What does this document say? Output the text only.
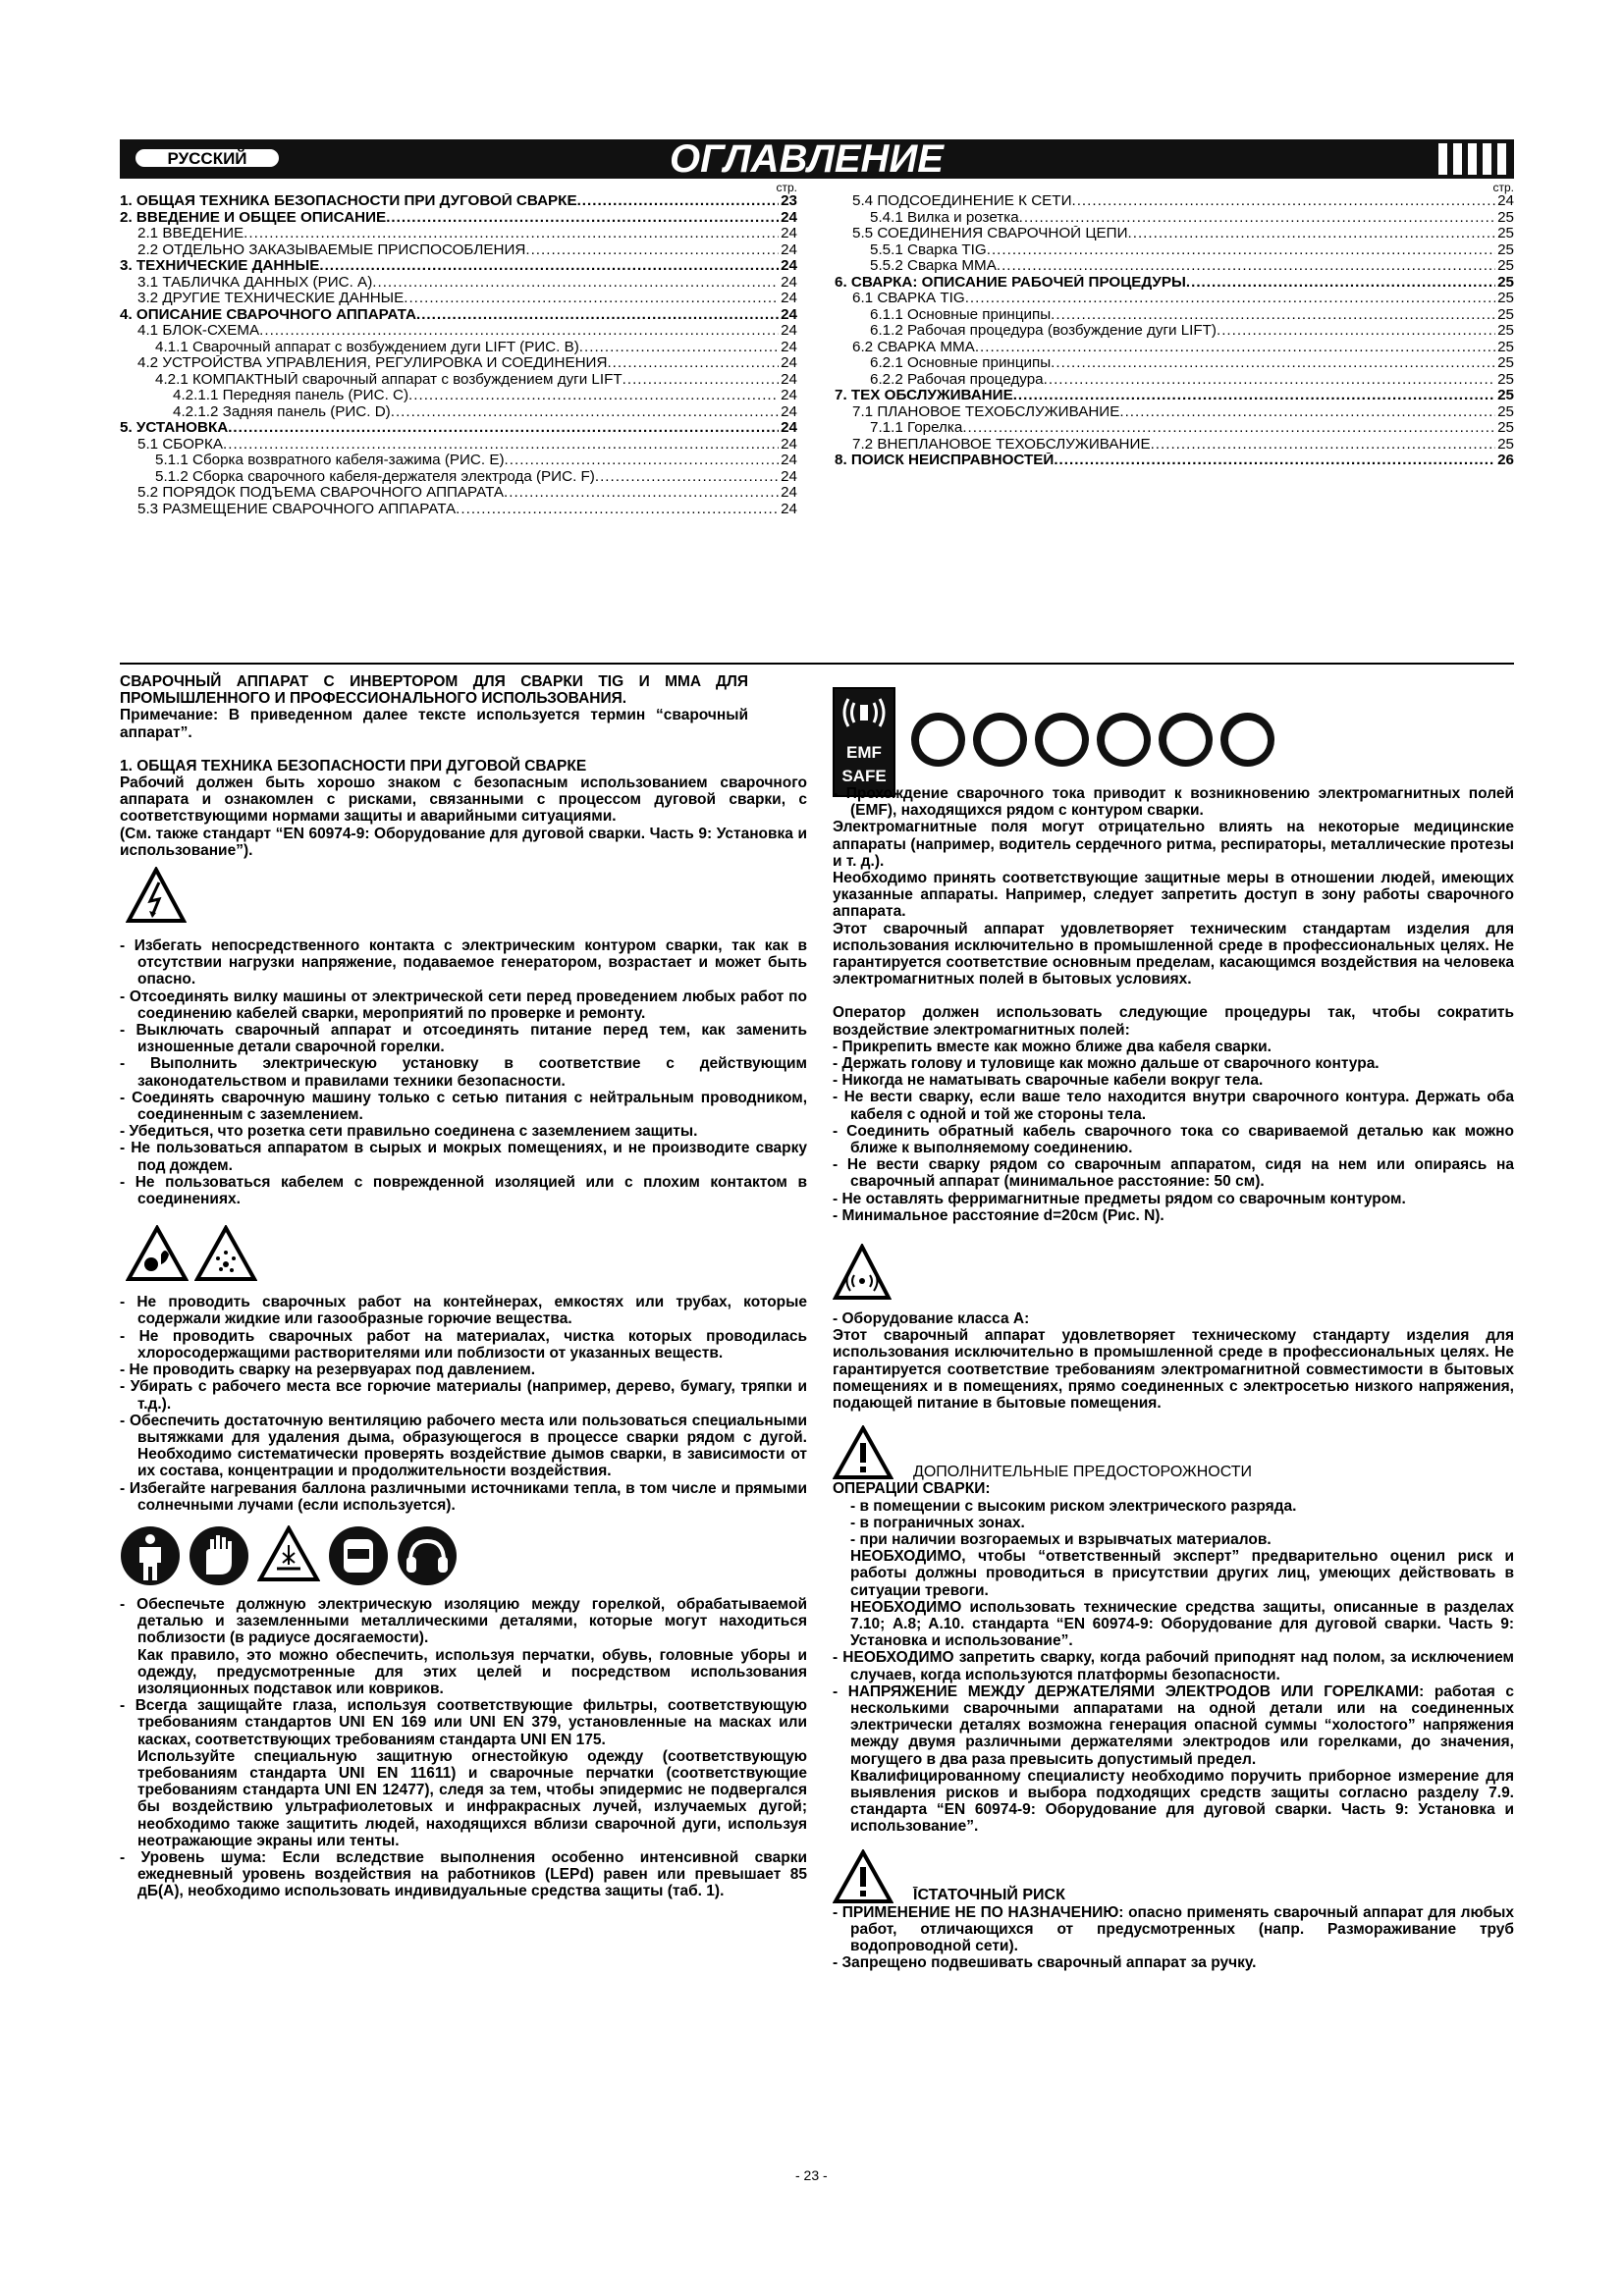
РУССКИЙ	ОГЛАВЛЕНИЕ
стр.
1. ОБЩАЯ ТЕХНИКА БЕЗОПАСНОСТИ ПРИ ДУГОВОЙ СВАРКЕ .....	23
2. ВВЕДЕНИЕ И ОБЩЕЕ ОПИСАНИЕ .....	24
2.1 ВВЕДЕНИЕ .....	24
2.2 ОТДЕЛЬНО ЗАКАЗЫВАЕМЫЕ ПРИСПОСОБЛЕНИЯ .....	24
3. ТЕХНИЧЕСКИЕ ДАННЫЕ .....	24
3.1 ТАБЛИЧКА ДАННЫХ (РИС. A) .....	24
3.2 ДРУГИЕ ТЕХНИЧЕСКИЕ ДАННЫЕ .....	24
4. ОПИСАНИЕ СВАРОЧНОГО АППАРАТА .....	24
4.1 БЛОК-СХЕМА .....	24
4.1.1 Сварочный аппарат с возбуждением дуги LIFT (РИС. B) .....	24
4.2 УСТРОЙСТВА УПРАВЛЕНИЯ, РЕГУЛИРОВКА И СОЕДИНЕНИЯ .....	24
4.2.1 КОМПАКТНЫЙ сварочный аппарат с возбуждением дуги LIFT .....	24
4.2.1.1 Передняя панель (РИС. C) .....	24
4.2.1.2 Задняя панель (РИС. D) .....	24
5. УСТАНОВКА .....	24
5.1 СБОРКА .....	24
5.1.1 Сборка возвратного кабеля-зажима (РИС. E) .....	24
5.1.2 Сборка сварочного кабеля-держателя электрода (РИС. F) .....	24
5.2 ПОРЯДОК ПОДЪЕМА СВАРОЧНОГО АППАРАТА .....	24
5.3 РАЗМЕЩЕНИЕ СВАРОЧНОГО АППАРАТА .....	24
стр.
5.4 ПОДСОЕДИНЕНИЕ К СЕТИ .....	24
5.4.1 Вилка и розетка .....	25
5.5 СОЕДИНЕНИЯ СВАРОЧНОЙ ЦЕПИ .....	25
5.5.1 Сварка TIG .....	25
5.5.2 Сварка MMA .....	25
6. СВАРКА: ОПИСАНИЕ РАБОЧЕЙ ПРОЦЕДУРЫ .....	25
6.1 СВАРКА TIG .....	25
6.1.1 Основные принципы .....	25
6.1.2 Рабочая процедура (возбуждение дуги LIFT) .....	25
6.2 СВАРКА MMA .....	25
6.2.1 Основные принципы .....	25
6.2.2 Рабочая процедура .....	25
7. ТЕХ ОБСЛУЖИВАНИЕ .....	25
7.1 ПЛАНОВОЕ ТЕХОБСЛУЖИВАНИЕ .....	25
7.1.1 Горелка .....	25
7.2 ВНЕПЛАНОВОЕ ТЕХОБСЛУЖИВАНИЕ .....	25
8. ПОИСК НЕИСПРАВНОСТЕЙ .....	26

СВАРОЧНЫЙ АППАРАТ С ИНВЕРТОРОМ ДЛЯ СВАРКИ TIG И MMA ДЛЯ ПРОМЫШЛЕННОГО И ПРОФЕССИОНАЛЬНОГО ИСПОЛЬЗОВАНИЯ.

Примечание: В приведенном далее тексте используется термин “сварочный аппарат”.

1. ОБЩАЯ ТЕХНИКА БЕЗОПАСНОСТИ ПРИ ДУГОВОЙ СВАРКЕ

Рабочий должен быть хорошо знаком с безопасным использованием сварочного аппарата и ознакомлен с рисками, связанными с процессом дуговой сварки, с соответствующими нормами защиты и аварийными ситуациями.

(См. также стандарт “EN 60974-9: Оборудование для дуговой сварки. Часть 9: Установка и использование”).

- Избегать непосредственного контакта с электрическим контуром сварки, так как в отсутствии нагрузки напряжение, подаваемое генератором, возрастает и может быть опасно.

- Отсоединять вилку машины от электрической сети перед проведением любых работ по соединению кабелей сварки, мероприятий по проверке и ремонту.

- Выключать сварочный аппарат и отсоединять питание перед тем, как заменить изношенные детали сварочной горелки.

- Выполнить электрическую установку в соответствие с действующим законодательством и правилами техники безопасности.

- Соединять сварочную машину только с сетью питания с нейтральным проводником, соединенным с заземлением.

- Убедиться, что розетка сети правильно соединена с заземлением защиты.

- Не пользоваться аппаратом в сырых и мокрых помещениях, и не производите сварку под дождем.

- Не пользоваться кабелем с поврежденной изоляцией или с плохим контактом в соединениях.

- Не проводить сварочных работ на контейнерах, емкостях или трубах, которые содержали жидкие или газообразные горючие вещества.

- Не проводить сварочных работ на материалах, чистка которых проводилась хлоросодержащими растворителями или поблизости от указанных веществ.

- Не проводить сварку на резервуарах под давлением.

- Убирать с рабочего места все горючие материалы (например, дерево, бумагу, тряпки и т.д.).

- Обеспечить достаточную вентиляцию рабочего места или пользоваться специальными вытяжками для удаления дыма, образующегося в процессе сварки рядом с дугой. Необходимо систематически проверять воздействие дымов сварки, в зависимости от их состава, концентрации и продолжительности воздействия.

- Избегайте нагревания баллона различными источниками тепла, в том числе и прямыми солнечными лучами (если используется).

- Обеспечьте должную электрическую изоляцию между горелкой, обрабатываемой деталью и заземленными металлическими деталями, которые могут находиться поблизости (в радиусе досягаемости).

Как правило, это можно обеспечить, используя перчатки, обувь, головные уборы и одежду, предусмотренные для этих целей и посредством использования изоляционных подставок или ковриков.

- Всегда защищайте глаза, используя соответствующие фильтры, соответствующую требованиям стандартов UNI EN 169 или UNI EN 379, установленные на масках или касках, соответствующих требованиям стандарта UNI EN 175.

Используйте специальную защитную огнестойкую одежду (соответствующую требованиям стандарта UNI EN 11611) и сварочные перчатки (соответствующие требованиям стандарта UNI EN 12477), следя за тем, чтобы эпидермис не подвергался бы воздействию ультрафиолетовых и инфракрасных лучей, излучаемых дугой; необходимо также защитить людей, находящихся вблизи сварочной дуги, используя неотражающие экраны или тенты.

- Уровень шума: Если вследствие выполнения особенно интенсивной сварки ежедневный уровень воздействия на работников (LEPd) равен или превышает 85 дБ(A), необходимо использовать индивидуальные средства защиты (таб. 1).

EMF SAFE

- Прохождение сварочного тока приводит к возникновению электромагнитных полей (EMF), находящихся рядом с контуром сварки.

Электромагнитные поля могут отрицательно влиять на некоторые медицинские аппараты (например, водитель сердечного ритма, респираторы, металлические протезы и т. д.).

Необходимо принять соответствующие защитные меры в отношении людей, имеющих указанные аппараты. Например, следует запретить доступ в зону работы сварочного аппарата.

Этот сварочный аппарат удовлетворяет техническим стандартам изделия для использования исключительно в промышленной среде в профессиональных целях. Не гарантируется соответствие основным пределам, касающимся воздействия на человека электромагнитных полей в бытовых условиях.

Оператор должен использовать следующие процедуры так, чтобы сократить воздействие электромагнитных полей:

- Прикрепить вместе как можно ближе два кабеля сварки.

- Держать голову и туловище как можно дальше от сварочного контура.

- Никогда не наматывать сварочные кабели вокруг тела.

- Не вести сварку, если ваше тело находится внутри сварочного контура. Держать оба кабеля с одной и той же стороны тела.

- Соединить обратный кабель сварочного тока со свариваемой деталью как можно ближе к выполняемому соединению.

- Не вести сварку рядом со сварочным аппаратом, сидя на нем или опираясь на сварочный аппарат (минимальное расстояние: 50 см).

- Не оставлять ферримагнитные предметы рядом со сварочным контуром.

- Минимальное расстояние d=20см (Рис. N).

- Оборудование класса A:

Этот сварочный аппарат удовлетворяет техническому стандарту изделия для использования исключительно в промышленной среде в профессиональных целях. Не гарантируется соответствие требованиям электромагнитной совместимости в бытовых помещениях и в помещениях, прямо соединенных с электросетью низкого напряжения, подающей питание в бытовые помещения.

ДОПОЛНИТЕЛЬНЫЕ ПРЕДОСТОРОЖНОСТИ

ОПЕРАЦИИ СВАРКИ:

- в помещении с высоким риском электрического разряда.

- в пограничных зонах.

- при наличии возгораемых и взрывчатых материалов.

НЕОБХОДИМО, чтобы “ответственный эксперт” предварительно оценил риск и работы должны проводиться в присутствии других лиц, умеющих действовать в ситуации тревоги.

НЕОБХОДИМО использовать технические средства защиты, описанные в разделах 7.10; A.8; A.10. стандарта “EN 60974-9: Оборудование для дуговой сварки. Часть 9: Установка и использование”.

- НЕОБХОДИМО запретить сварку, когда рабочий приподнят над полом, за исключением случаев, когда используются платформы безопасности.

- НАПРЯЖЕНИЕ МЕЖДУ ДЕРЖАТЕЛЯМИ ЭЛЕКТРОДОВ ИЛИ ГОРЕЛКАМИ: работая с несколькими сварочными аппаратами на одной детали или на соединенных электрически деталях возможна генерация опасной суммы “холостого” напряжения между двумя различными держателями электродов или горелками, до значения, могущего в два раза превысить допустимый предел.

Квалифицированному специалисту необходимо поручить приборное измерение для выявления рисков и выбора подходящих средств защиты согласно разделу 7.9. стандарта “EN 60974-9: Оборудование для дуговой сварки. Часть 9: Установка и использование”.

ĪСТАТОЧНЫЙ РИСК

- ПРИМЕНЕНИЕ НЕ ПО НАЗНАЧЕНИЮ: опасно применять сварочный аппарат для любых работ, отличающихся от предусмотренных (напр. Размораживание труб водопроводной сети).

- Запрещено подвешивать сварочный аппарат за ручку.

- 23 -
